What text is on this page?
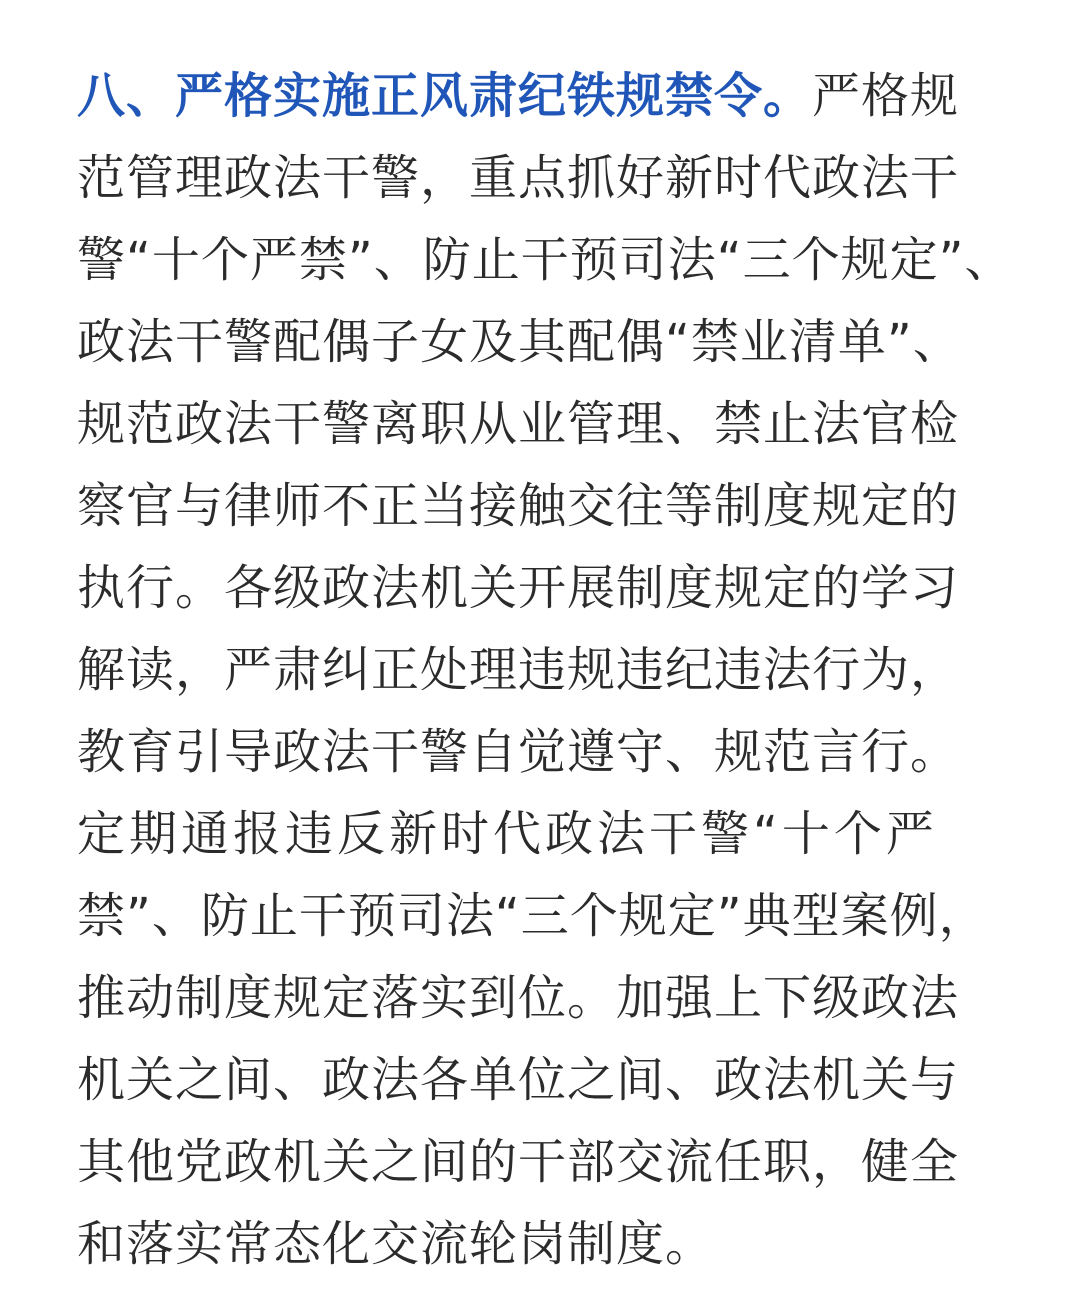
八、严格实施正风肃纪铁规禁令。严格规
范管理政法干警，重点抓好新时代政法干
警“十个严禁”、防止干预司法“三个规定”、
政法干警配偶子女及其配偶“禁业清单”、
规范政法干警离职从业管理、禁止法官检
察官与律师不正当接触交往等制度规定的
执行。各级政法机关开展制度规定的学习
解读，严肃纠正处理违规违纪违法行为，
教育引导政法干警自觉遵守、规范言行。
定期通报违反新时代政法干警“十个严
禁”、防止干预司法“三个规定”典型案例，
推动制度规定落实到位。加强上下级政法
机关之间、政法各单位之间、政法机关与
其他党政机关之间的干部交流任职，健全
和落实常态化交流轮岗制度。
